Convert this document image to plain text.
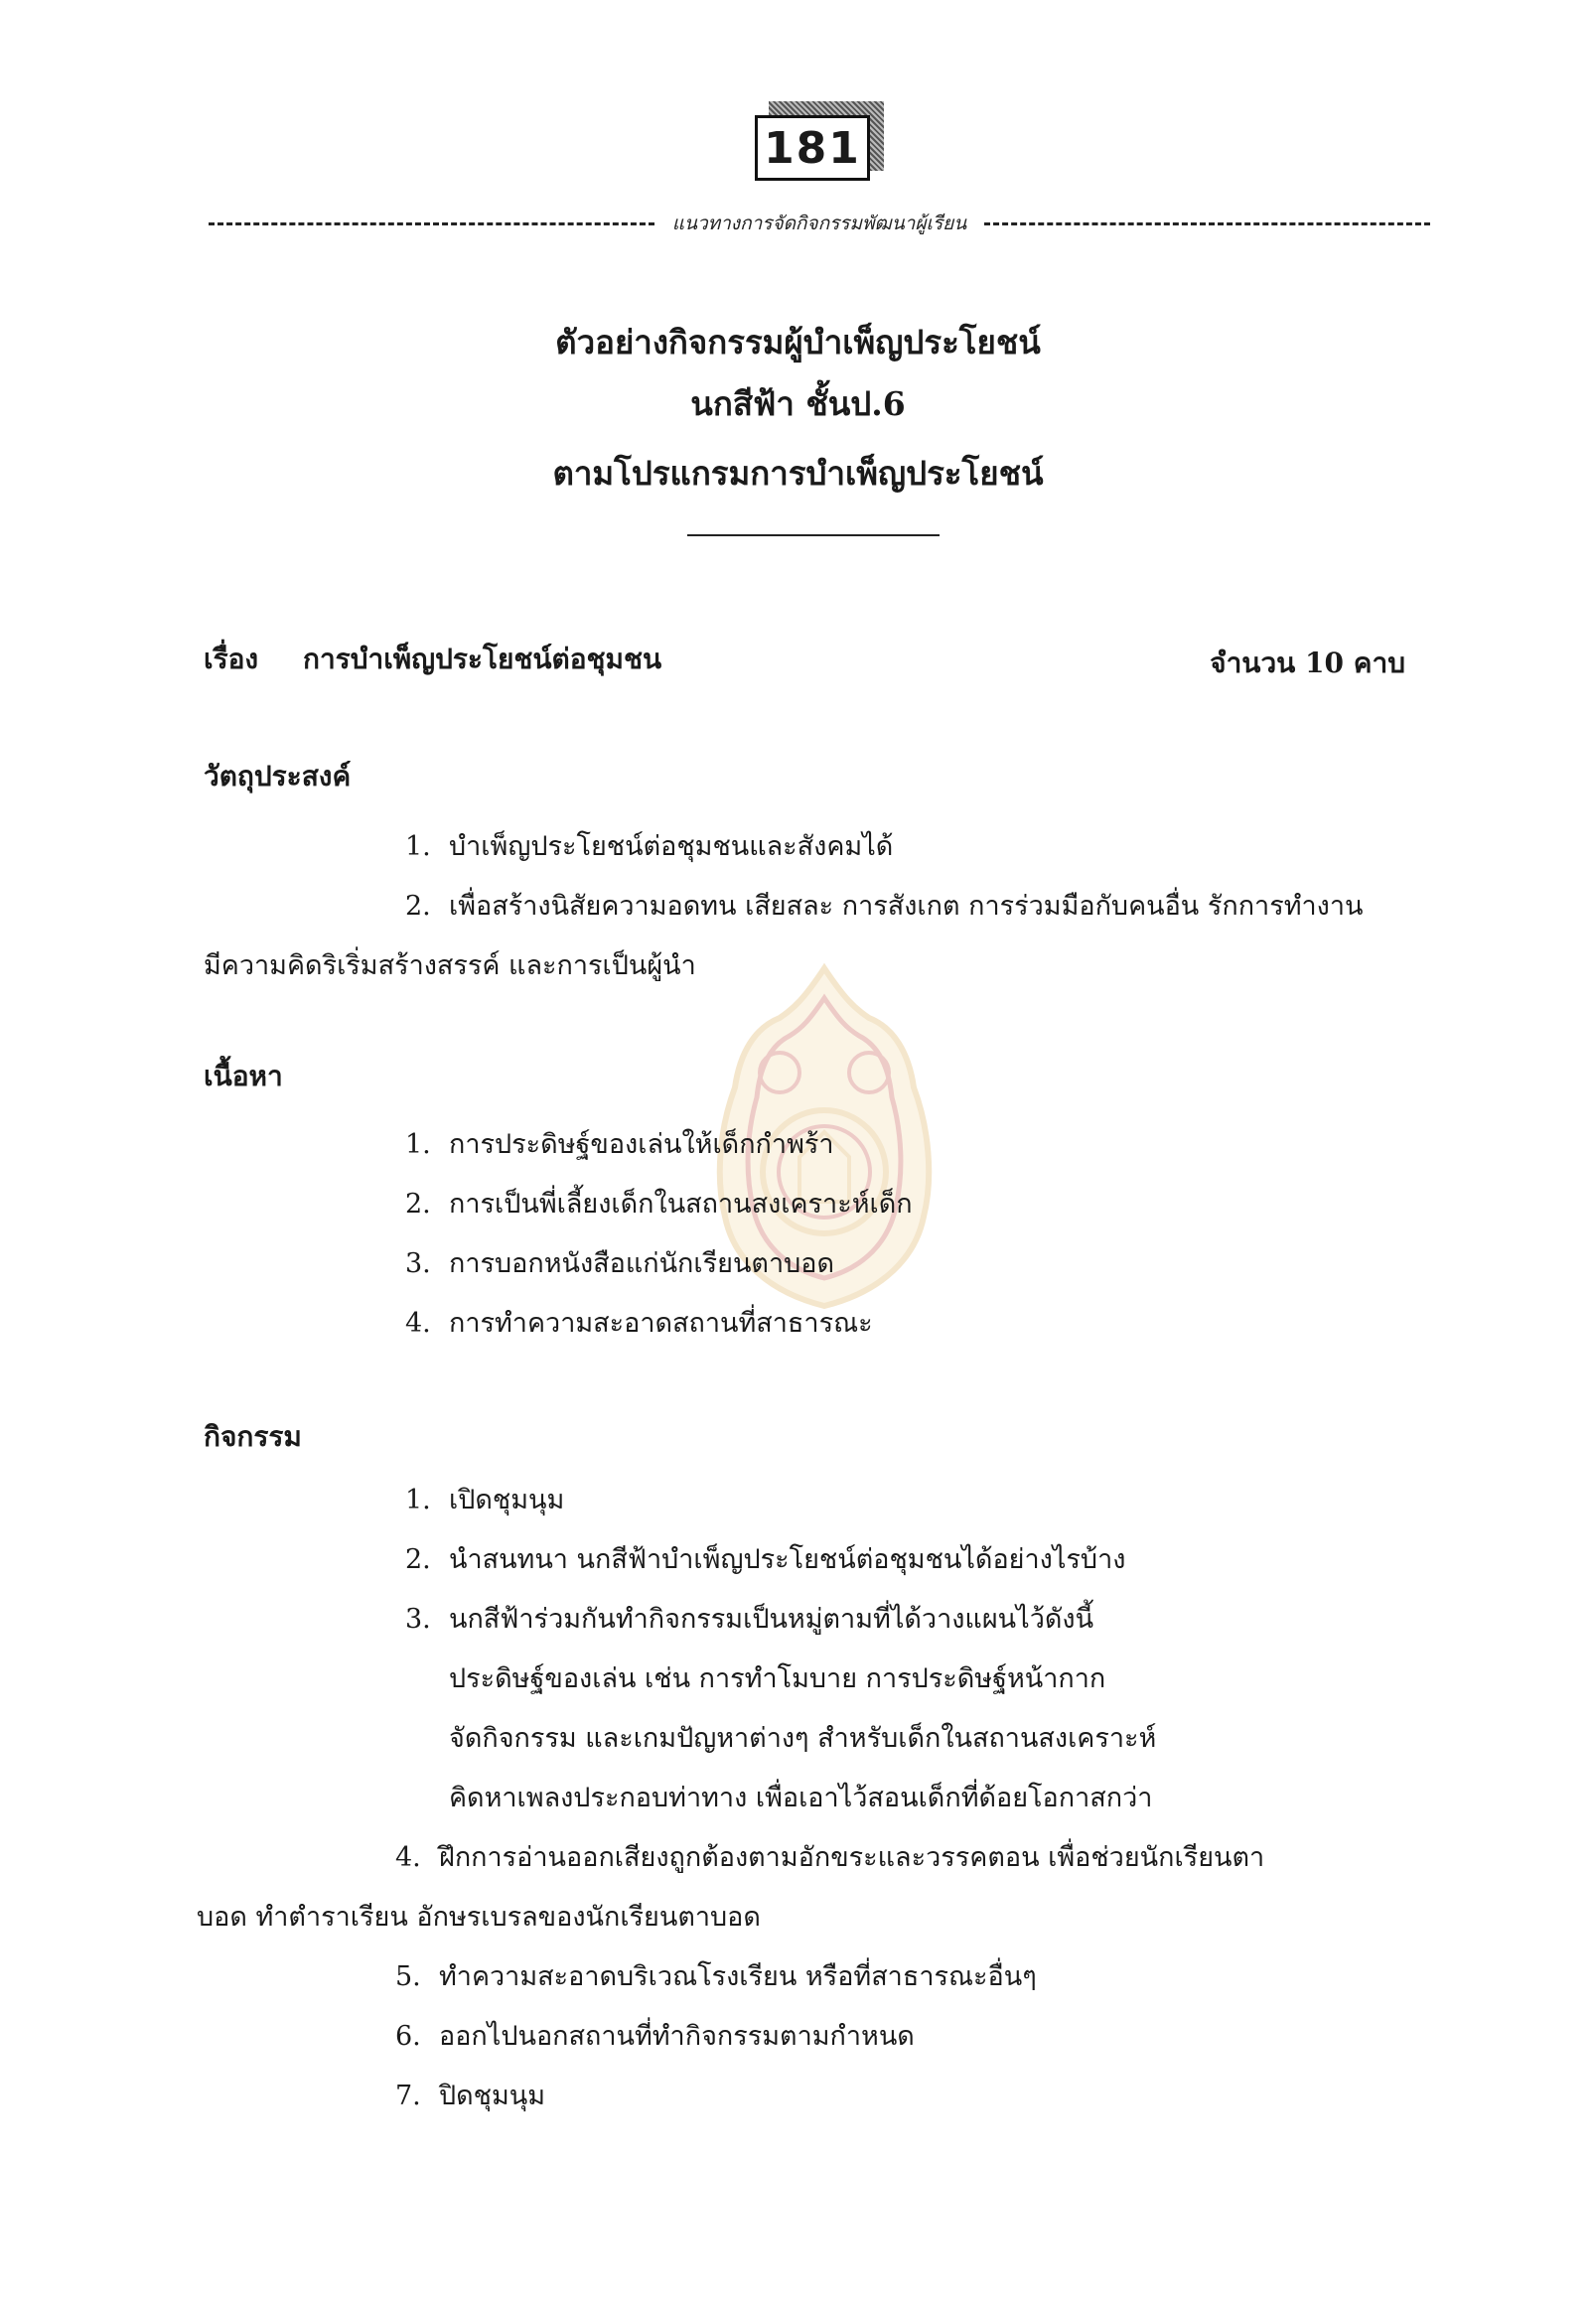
181
แนวทางการจัดกิจกรรมพัฒนาผู้เรียน
ตัวอย่างกิจกรรมผู้บำเพ็ญประโยชน์
นกสีฟ้า ชั้นป.6
ตามโปรแกรมการบำเพ็ญประโยชน์
เรื่อง การบำเพ็ญประโยชน์ต่อชุมชน	จำนวน 10 คาบ
วัตถุประสงค์
1. บำเพ็ญประโยชน์ต่อชุมชนและสังคมได้
2. เพื่อสร้างนิสัยความอดทน เสียสละ การสังเกต การร่วมมือกับคนอื่น รักการทำงาน
มีความคิดริเริ่มสร้างสรรค์ และการเป็นผู้นำ
เนื้อหา
1. การประดิษฐ์ของเล่นให้เด็กกำพร้า
2. การเป็นพี่เลี้ยงเด็กในสถานสงเคราะห์เด็ก
3. การบอกหนังสือแก่นักเรียนตาบอด
4. การทำความสะอาดสถานที่สาธารณะ
กิจกรรม
1. เปิดชุมนุม
2. นำสนทนา นกสีฟ้าบำเพ็ญประโยชน์ต่อชุมชนได้อย่างไรบ้าง
3. นกสีฟ้าร่วมกันทำกิจกรรมเป็นหมู่ตามที่ได้วางแผนไว้ดังนี้
ประดิษฐ์ของเล่น เช่น การทำโมบาย การประดิษฐ์หน้ากาก
จัดกิจกรรม และเกมปัญหาต่างๆ สำหรับเด็กในสถานสงเคราะห์
คิดหาเพลงประกอบท่าทาง เพื่อเอาไว้สอนเด็กที่ด้อยโอกาสกว่า
4. ฝึกการอ่านออกเสียงถูกต้องตามอักขระและวรรคตอน เพื่อช่วยนักเรียนตา
บอด ทำตำราเรียน อักษรเบรลของนักเรียนตาบอด
5. ทำความสะอาดบริเวณโรงเรียน หรือที่สาธารณะอื่นๆ
6. ออกไปนอกสถานที่ทำกิจกรรมตามกำหนด
7. ปิดชุมนุม
